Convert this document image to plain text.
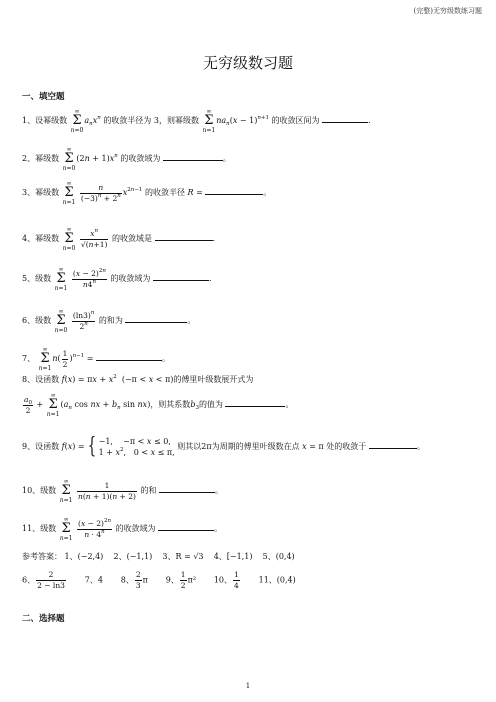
(完整)无穷级数练习题
无穷级数习题
一、填空题
1、设幂级数 ∞
Σ
$n=0a_nx^n$ 的收敛半径为 3，则幂级数 ∞
Σ
$n=1na_n(x - 1)^{n+1}$ 的收敛区间为	.
2、幂级数 ∞
Σ
$n=0(2n + 1)x^n$ 的收敛域为	。
3、幂级数 ∞
Σ
$n=1 \frac{n}{(-3)^n + 2^n} x^{2n-1}$ 的收敛半径 R =	。
4、幂级数 ∞
Σ
$n=0 \frac{x^n}{√(n+1)}$ 的收敛域是	.
5、级数 ∞
Σ
$n=1 \frac{(x - 2)^{2n}}{n4^n}$ 的收敛域为	.
6、级数 ∞
Σ
$n=0 \frac{(\ln 3)^n}{2^n}$ 的和为	。
7、 ∞
Σ
$n=1n( \frac{1}{2} )^{n-1}$ =	。
8、设函数 $f(x) = \pi x + x^2$  (−π < x < π)的傅里叶级数展开式为
$\frac{a_0}{2}$ + ∞
Σ
$n=1(a_n$ cos nx + $b_n$ sin nx)，则其系数$b_3$的值为	。
9、设函数 f(x) = { −1,    −π < x ≤ 0,
$1 + x^2$,   0 < x ≤ π, 则其以2π为周期的傅里叶级数在点 x = π 处的收敛于	。
10、级数 ∞
Σ
$n=1 \frac{1}{n(n + 1)(n + 2)}$ 的和	。
11、级数 ∞
Σ
$n=1 \frac{(x - 2)^{2n}}{n \cdot 4^n}$ 的收敛域为	。
参考答案： 1、(−2,4) 2、(−1,1) 3、R = √3 4、[−1,1) 5、(0,4)
6、 $\frac{2}{2 - \ln 3} 7$、4 8、 $\frac{2}{3}$ π 9、 $\frac{1}{2} \pi^2$ 10、 $\frac{1}{4} 11$、(0,4)
二、选择题
1
